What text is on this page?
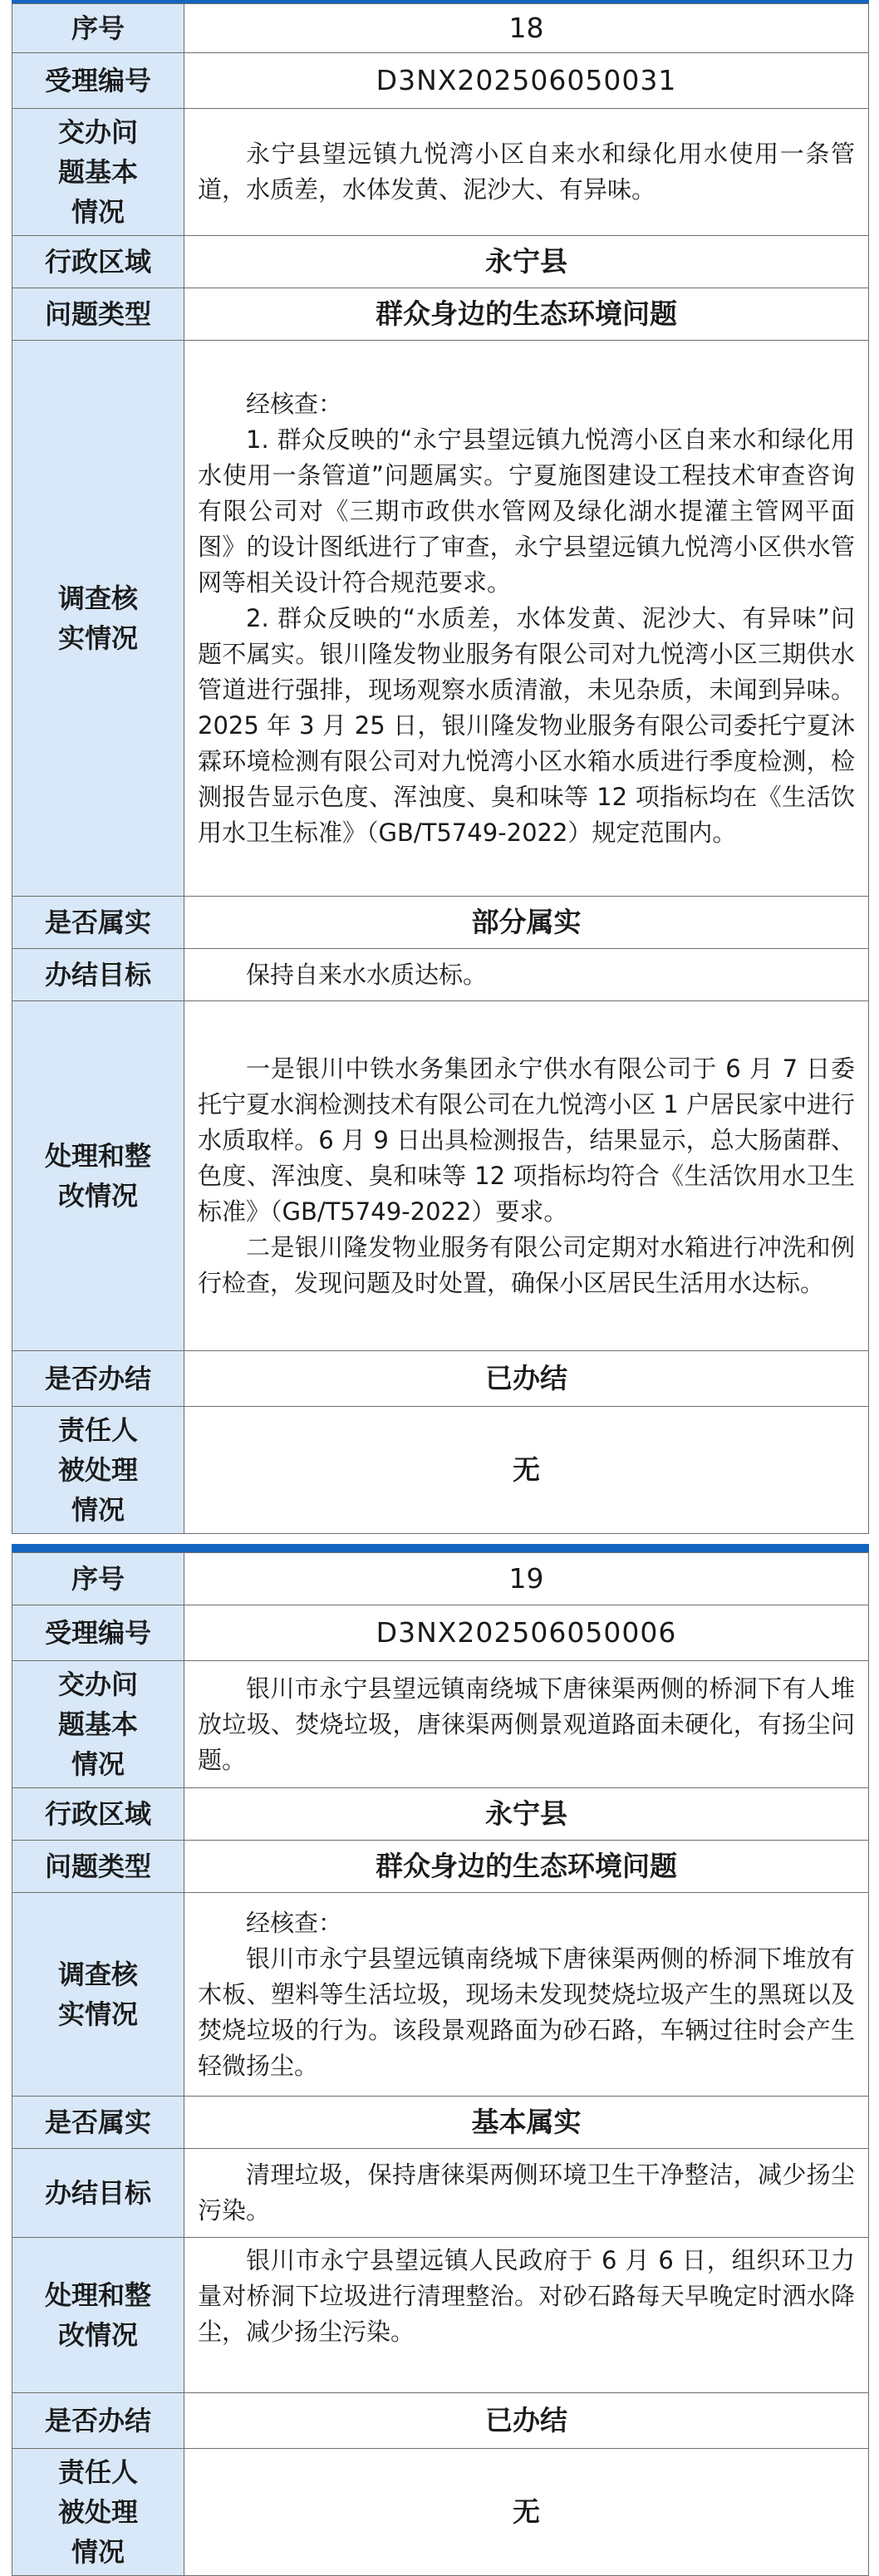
序号	18

受理编号	D3NX202506050031

交办问题基本情况	永宁县望远镇九悦湾小区自来水和绿化用水使用一条管道，水质差，水体发黄、泥沙大、有异味。

行政区域	永宁县

问题类型	群众身边的生态环境问题

调查核实情况	经核查：

1. 群众反映的“永宁县望远镇九悦湾小区自来水和绿化用水使用一条管道”问题属实。宁夏施图建设工程技术审查咨询有限公司对《三期市政供水管网及绿化湖水提灌主管网平面图》的设计图纸进行了审查，永宁县望远镇九悦湾小区供水管网等相关设计符合规范要求。

2. 群众反映的“水质差，水体发黄、泥沙大、有异味”问题不属实。银川隆发物业服务有限公司对九悦湾小区三期供水管道进行强排，现场观察水质清澈，未见杂质，未闻到异味。2025 年 3 月 25 日，银川隆发物业服务有限公司委托宁夏沐霖环境检测有限公司对九悦湾小区水箱水质进行季度检测，检测报告显示色度、浑浊度、臭和味等 12 项指标均在《生活饮用水卫生标准》（GB/T5749-2022）规定范围内。

是否属实	部分属实

办结目标	保持自来水水质达标。

处理和整改情况	一是银川中铁水务集团永宁供水有限公司于 6 月 7 日委托宁夏水润检测技术有限公司在九悦湾小区 1 户居民家中进行水质取样。6 月 9 日出具检测报告，结果显示，总大肠菌群、色度、浑浊度、臭和味等 12 项指标均符合《生活饮用水卫生标准》（GB/T5749-2022）要求。

二是银川隆发物业服务有限公司定期对水箱进行冲洗和例行检查，发现问题及时处置，确保小区居民生活用水达标。

是否办结	已办结

责任人被处理情况	无
序号	19

受理编号	D3NX202506050006

交办问题基本情况	银川市永宁县望远镇南绕城下唐徕渠两侧的桥洞下有人堆放垃圾、焚烧垃圾，唐徕渠两侧景观道路面未硬化，有扬尘问题。

行政区域	永宁县

问题类型	群众身边的生态环境问题

调查核实情况	经核查：

银川市永宁县望远镇南绕城下唐徕渠两侧的桥洞下堆放有木板、塑料等生活垃圾，现场未发现焚烧垃圾产生的黑斑以及焚烧垃圾的行为。该段景观路面为砂石路，车辆过往时会产生轻微扬尘。

是否属实	基本属实

办结目标	清理垃圾，保持唐徕渠两侧环境卫生干净整洁，减少扬尘污染。

处理和整改情况	银川市永宁县望远镇人民政府于 6 月 6 日，组织环卫力量对桥洞下垃圾进行清理整治。对砂石路每天早晚定时洒水降尘，减少扬尘污染。

是否办结	已办结

责任人被处理情况	无
